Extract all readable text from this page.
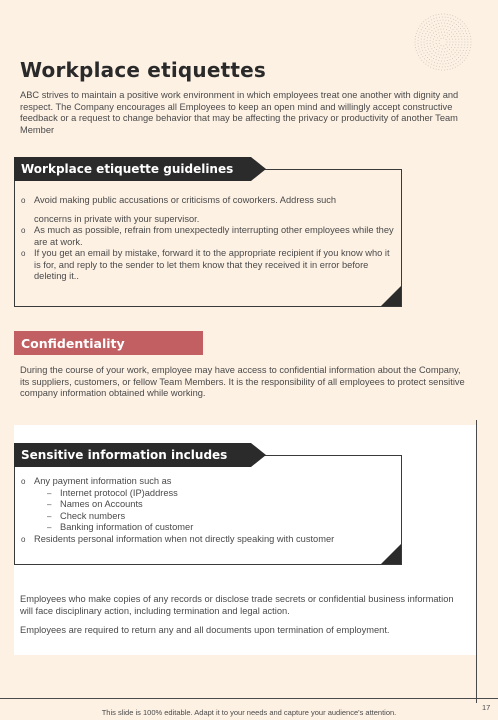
Workplace etiquettes
ABC strives to maintain a positive work environment in which employees treat one another with dignity and respect. The Company encourages all Employees to keep an open mind and willingly accept constructive feedback or a request to change behavior that may be affecting the privacy or productivity of another Team Member
Workplace etiquette guidelines
o Avoid making public accusations or criticisms of coworkers. Address such
concerns in private with your supervisor.
o As much as possible, refrain from unexpectedly interrupting other employees while they are at work.
o If you get an email by mistake, forward it to the appropriate recipient if you know who it is for, and reply to the sender to let them know that they received it in error before deleting it..
Confidentiality
During the course of your work, employee may have access to confidential information about the Company, its suppliers, customers, or fellow Team Members. It is the responsibility of all employees to protect sensitive company information obtained while working.
Sensitive information includes
o Any payment information such as
– Internet protocol (IP)address
– Names on Accounts
– Check numbers
– Banking information of customer
o Residents personal information when not directly speaking with customer
Employees who make copies of any records or disclose trade secrets or confidential business information will face disciplinary action, including termination and legal action.
Employees are required to return any and all documents upon termination of employment.
This slide is 100% editable. Adapt it to your needs and capture your audience's attention.
17
